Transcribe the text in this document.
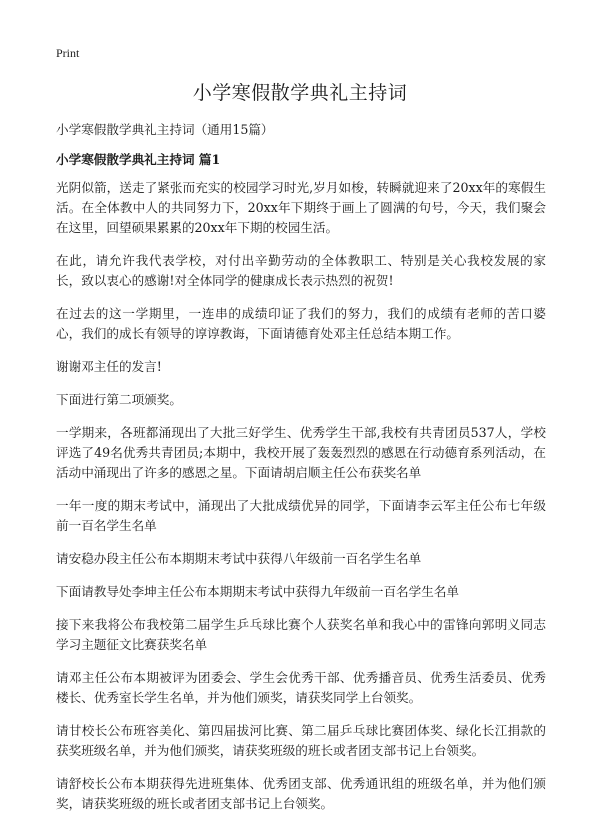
Print
小学寒假散学典礼主持词

小学寒假散学典礼主持词（通用15篇）

小学寒假散学典礼主持词 篇1

光阴似箭，送走了紧张而充实的校园学习时光,岁月如梭，转瞬就迎来了20xx年的寒假生活。在全体教中人的共同努力下，20xx年下期终于画上了圆满的句号，今天，我们聚会在这里，回望硕果累累的20xx年下期的校园生活。

在此，请允许我代表学校，对付出辛勤劳动的全体教职工、特别是关心我校发展的家长，致以衷心的感谢!对全体同学的健康成长表示热烈的祝贺!

在过去的这一学期里，一连串的成绩印证了我们的努力，我们的成绩有老师的苦口婆心，我们的成长有领导的谆谆教诲，下面请德育处邓主任总结本期工作。

谢谢邓主任的发言!

下面进行第二项颁奖。

一学期来，各班都涌现出了大批三好学生、优秀学生干部,我校有共青团员537人，学校评选了49名优秀共青团员;本期中，我校开展了轰轰烈烈的感恩在行动德育系列活动，在活动中涌现出了许多的感恩之星。下面请胡启顺主任公布获奖名单

一年一度的期末考试中，涌现出了大批成绩优异的同学，下面请李云军主任公布七年级前一百名学生名单

请安稳办段主任公布本期期末考试中获得八年级前一百名学生名单

下面请教导处李坤主任公布本期期末考试中获得九年级前一百名学生名单

接下来我将公布我校第二届学生乒乓球比赛个人获奖名单和我心中的雷锋向郭明义同志学习主题征文比赛获奖名单

请邓主任公布本期被评为团委会、学生会优秀干部、优秀播音员、优秀生活委员、优秀楼长、优秀室长学生名单，并为他们颁奖，请获奖同学上台领奖。

请甘校长公布班容美化、第四届拔河比赛、第二届乒乓球比赛团体奖、绿化长江捐款的获奖班级名单，并为他们颁奖，请获奖班级的班长或者团支部书记上台领奖。

请舒校长公布本期获得先进班集体、优秀团支部、优秀通讯组的班级名单，并为他们颁奖，请获奖班级的班长或者团支部书记上台领奖。
